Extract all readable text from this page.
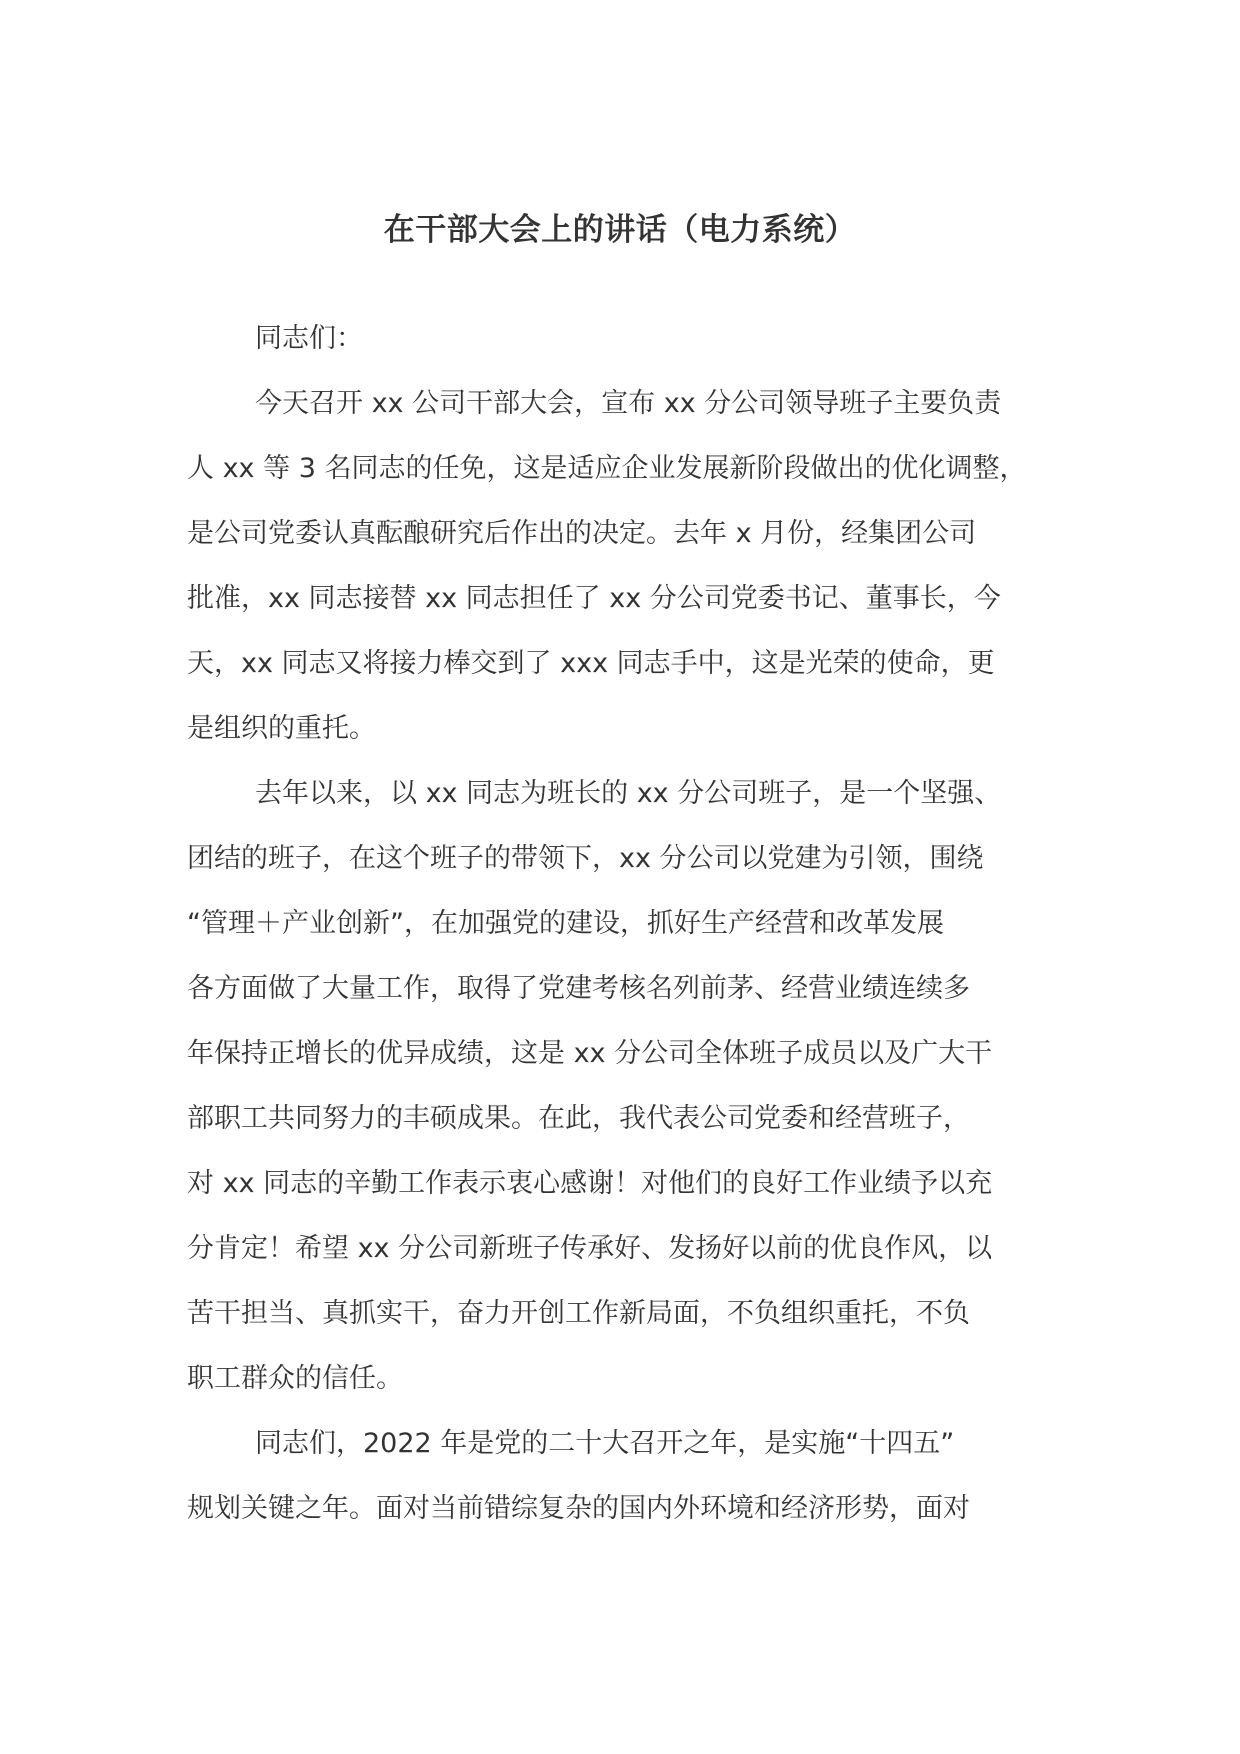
在干部大会上的讲话（电力系统）
同志们：
今天召开 xx 公司干部大会，宣布 xx 分公司领导班子主要负责
人 xx 等 3 名同志的任免，这是适应企业发展新阶段做出的优化调整，
是公司党委认真酝酿研究后作出的决定。去年 x 月份，经集团公司
批准，xx 同志接替 xx 同志担任了 xx 分公司党委书记、董事长，今
天，xx 同志又将接力棒交到了 xxx 同志手中，这是光荣的使命，更
是组织的重托。
去年以来，以 xx 同志为班长的 xx 分公司班子，是一个坚强、
团结的班子，在这个班子的带领下，xx 分公司以党建为引领，围绕
“管理＋产业创新”，在加强党的建设，抓好生产经营和改革发展
各方面做了大量工作，取得了党建考核名列前茅、经营业绩连续多
年保持正增长的优异成绩，这是 xx 分公司全体班子成员以及广大干
部职工共同努力的丰硕成果。在此，我代表公司党委和经营班子，
对 xx 同志的辛勤工作表示衷心感谢！对他们的良好工作业绩予以充
分肯定！希望 xx 分公司新班子传承好、发扬好以前的优良作风，以
苦干担当、真抓实干，奋力开创工作新局面，不负组织重托，不负
职工群众的信任。
同志们，2022 年是党的二十大召开之年，是实施“十四五”
规划关键之年。面对当前错综复杂的国内外环境和经济形势，面对
